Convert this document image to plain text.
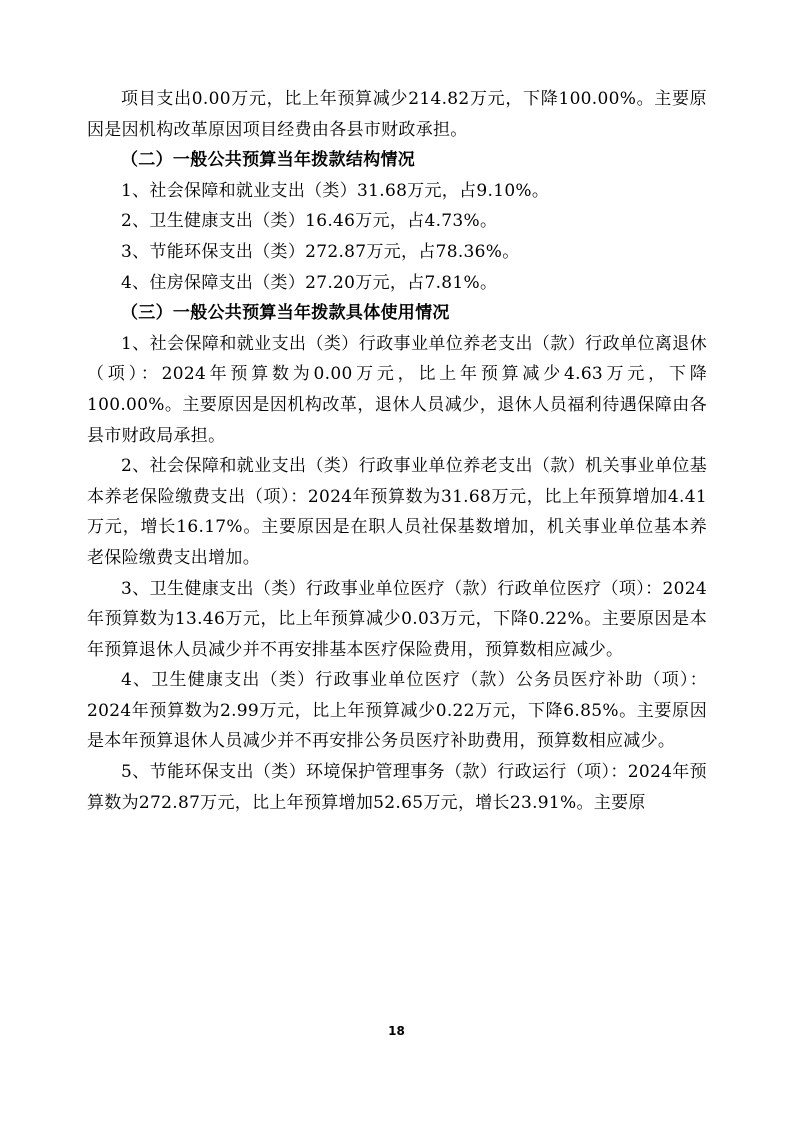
项目支出0.00万元，比上年预算减少214.82万元，下降100.00%。主要原因是因机构改革原因项目经费由各县市财政承担。

（二）一般公共预算当年拨款结构情况

1、社会保障和就业支出（类）31.68万元，占9.10%。

2、卫生健康支出（类）16.46万元，占4.73%。

3、节能环保支出（类）272.87万元，占78.36%。

4、住房保障支出（类）27.20万元，占7.81%。

（三）一般公共预算当年拨款具体使用情况

1、社会保障和就业支出（类）行政事业单位养老支出（款）行政单位离退休（项）：2024年预算数为0.00万元，比上年预算减少4.63万元，下降100.00%。主要原因是因机构改革，退休人员减少，退休人员福利待遇保障由各县市财政局承担。

2、社会保障和就业支出（类）行政事业单位养老支出（款）机关事业单位基本养老保险缴费支出（项）：2024年预算数为31.68万元，比上年预算增加4.41万元，增长16.17%。主要原因是在职人员社保基数增加，机关事业单位基本养老保险缴费支出增加。

3、卫生健康支出（类）行政事业单位医疗（款）行政单位医疗（项）：2024年预算数为13.46万元，比上年预算减少0.03万元，下降0.22%。主要原因是本年预算退休人员减少并不再安排基本医疗保险费用，预算数相应减少。

4、卫生健康支出（类）行政事业单位医疗（款）公务员医疗补助（项）：2024年预算数为2.99万元，比上年预算减少0.22万元，下降6.85%。主要原因是本年预算退休人员减少并不再安排公务员医疗补助费用，预算数相应减少。

5、节能环保支出（类）环境保护管理事务（款）行政运行（项）：2024年预算数为272.87万元，比上年预算增加52.65万元，增长23.91%。主要原

18
